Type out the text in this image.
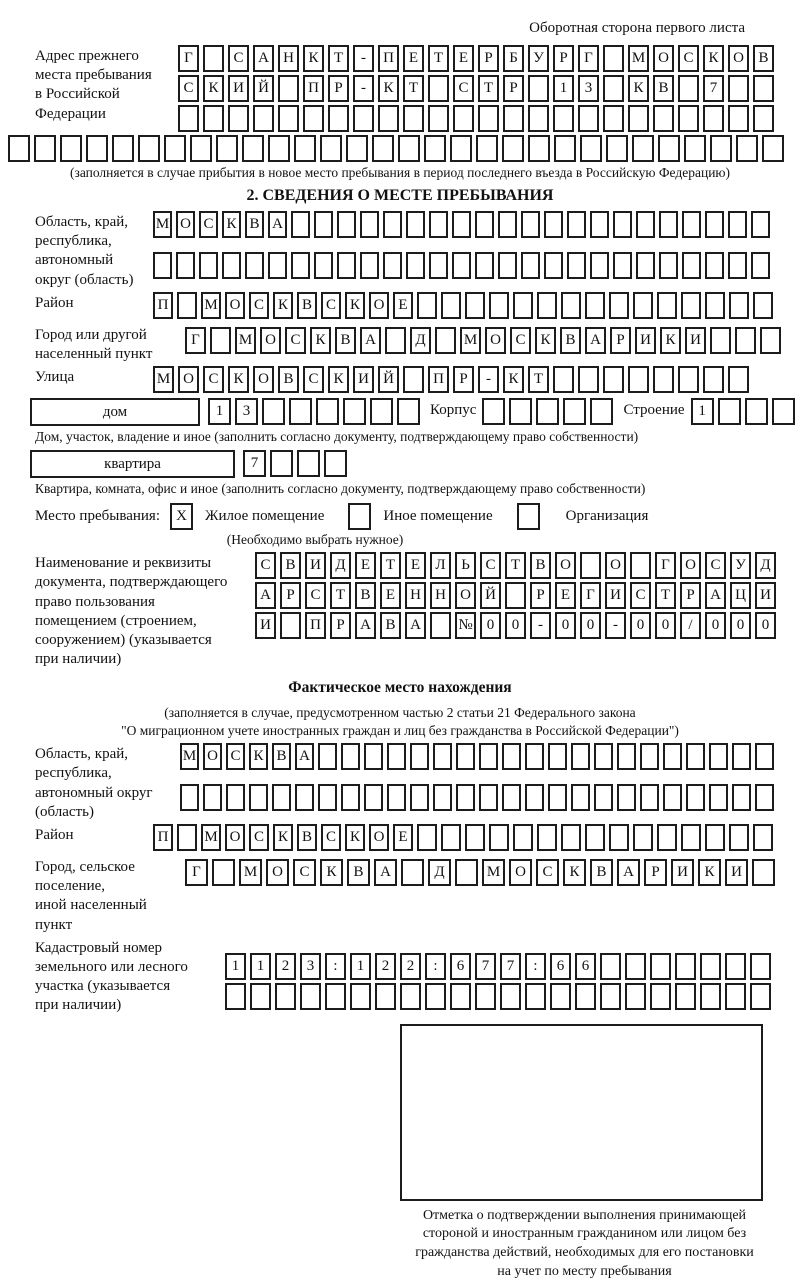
Оборотная сторона первого листа
Адрес прежнего
места пребывания
в Российской
Федерации
Г	С А Н К	Т	-	П Е	Т	Е	Р	Б	У	Р	Г	М О С К О В
С К И Й	П	Р	-	К	Т	С	Т	Р	1	3	К В	7
(заполняется в случае прибытия в новое место пребывания в период последнего въезда в Российскую Федерацию)
2. СВЕДЕНИЯ О МЕСТЕ ПРЕБЫВАНИЯ
Область, край,
республика,
автономный
округ (область)
М О С К В А
Район	П	М О С К В С К О Е
Город или другой
населенный пункт
Г	М О С К В А	Д	М О С К В А	Р	И К И
Улица	М О С К О В С К И Й	П	Р	-	К	Т
дом	1	3	Корпус	Строение 1
Дом, участок, владение и иное (заполнить согласно документу, подтверждающему право собственности)
квартира	7
Квартира, комната, офис и иное (заполнить согласно документу, подтверждающему право собственности)
Место пребывания:	X	Жилое помещение	Иное помещение	Организация
(Необходимо выбрать нужное)
Наименование и реквизиты
документа, подтверждающего
право пользования
помещением (строением,
сооружением) (указывается
при наличии)
С В И Д	Е	Т	Е	Л	Ь	С	Т	В О	О	Г	О С У Д
А	Р	С	Т	В	Е	Н Н О Й	Р	Е	Г	И С	Т	Р	А Ц И
И	П	Р	А В А	№ 0	0	-	0	0	-	0	0	/	0	0	0
Фактическое место нахождения
(заполняется в случае, предусмотренном частью 2 статьи 21 Федерального закона
"О миграционном учете иностранных граждан и лиц без гражданства в Российской Федерации")
Область, край,
республика,
автономный округ
(область)
М О С К В А
Район	П	М О С К В С К О Е
Город, сельское поселение,
иной населенный пункт
Г	М О	С	К	В	А	Д	М О	С	К	В	А	Р	И	К	И
Кадастровый номер
земельного или лесного
участка (указывается
при наличии)
1	1	2	3	:	1	2	2	:	6	7	7	:	6	6
Отметка о подтверждении выполнения принимающей
стороной и иностранным гражданином или лицом без
гражданства действий, необходимых для его постановки
на учет по месту пребывания
